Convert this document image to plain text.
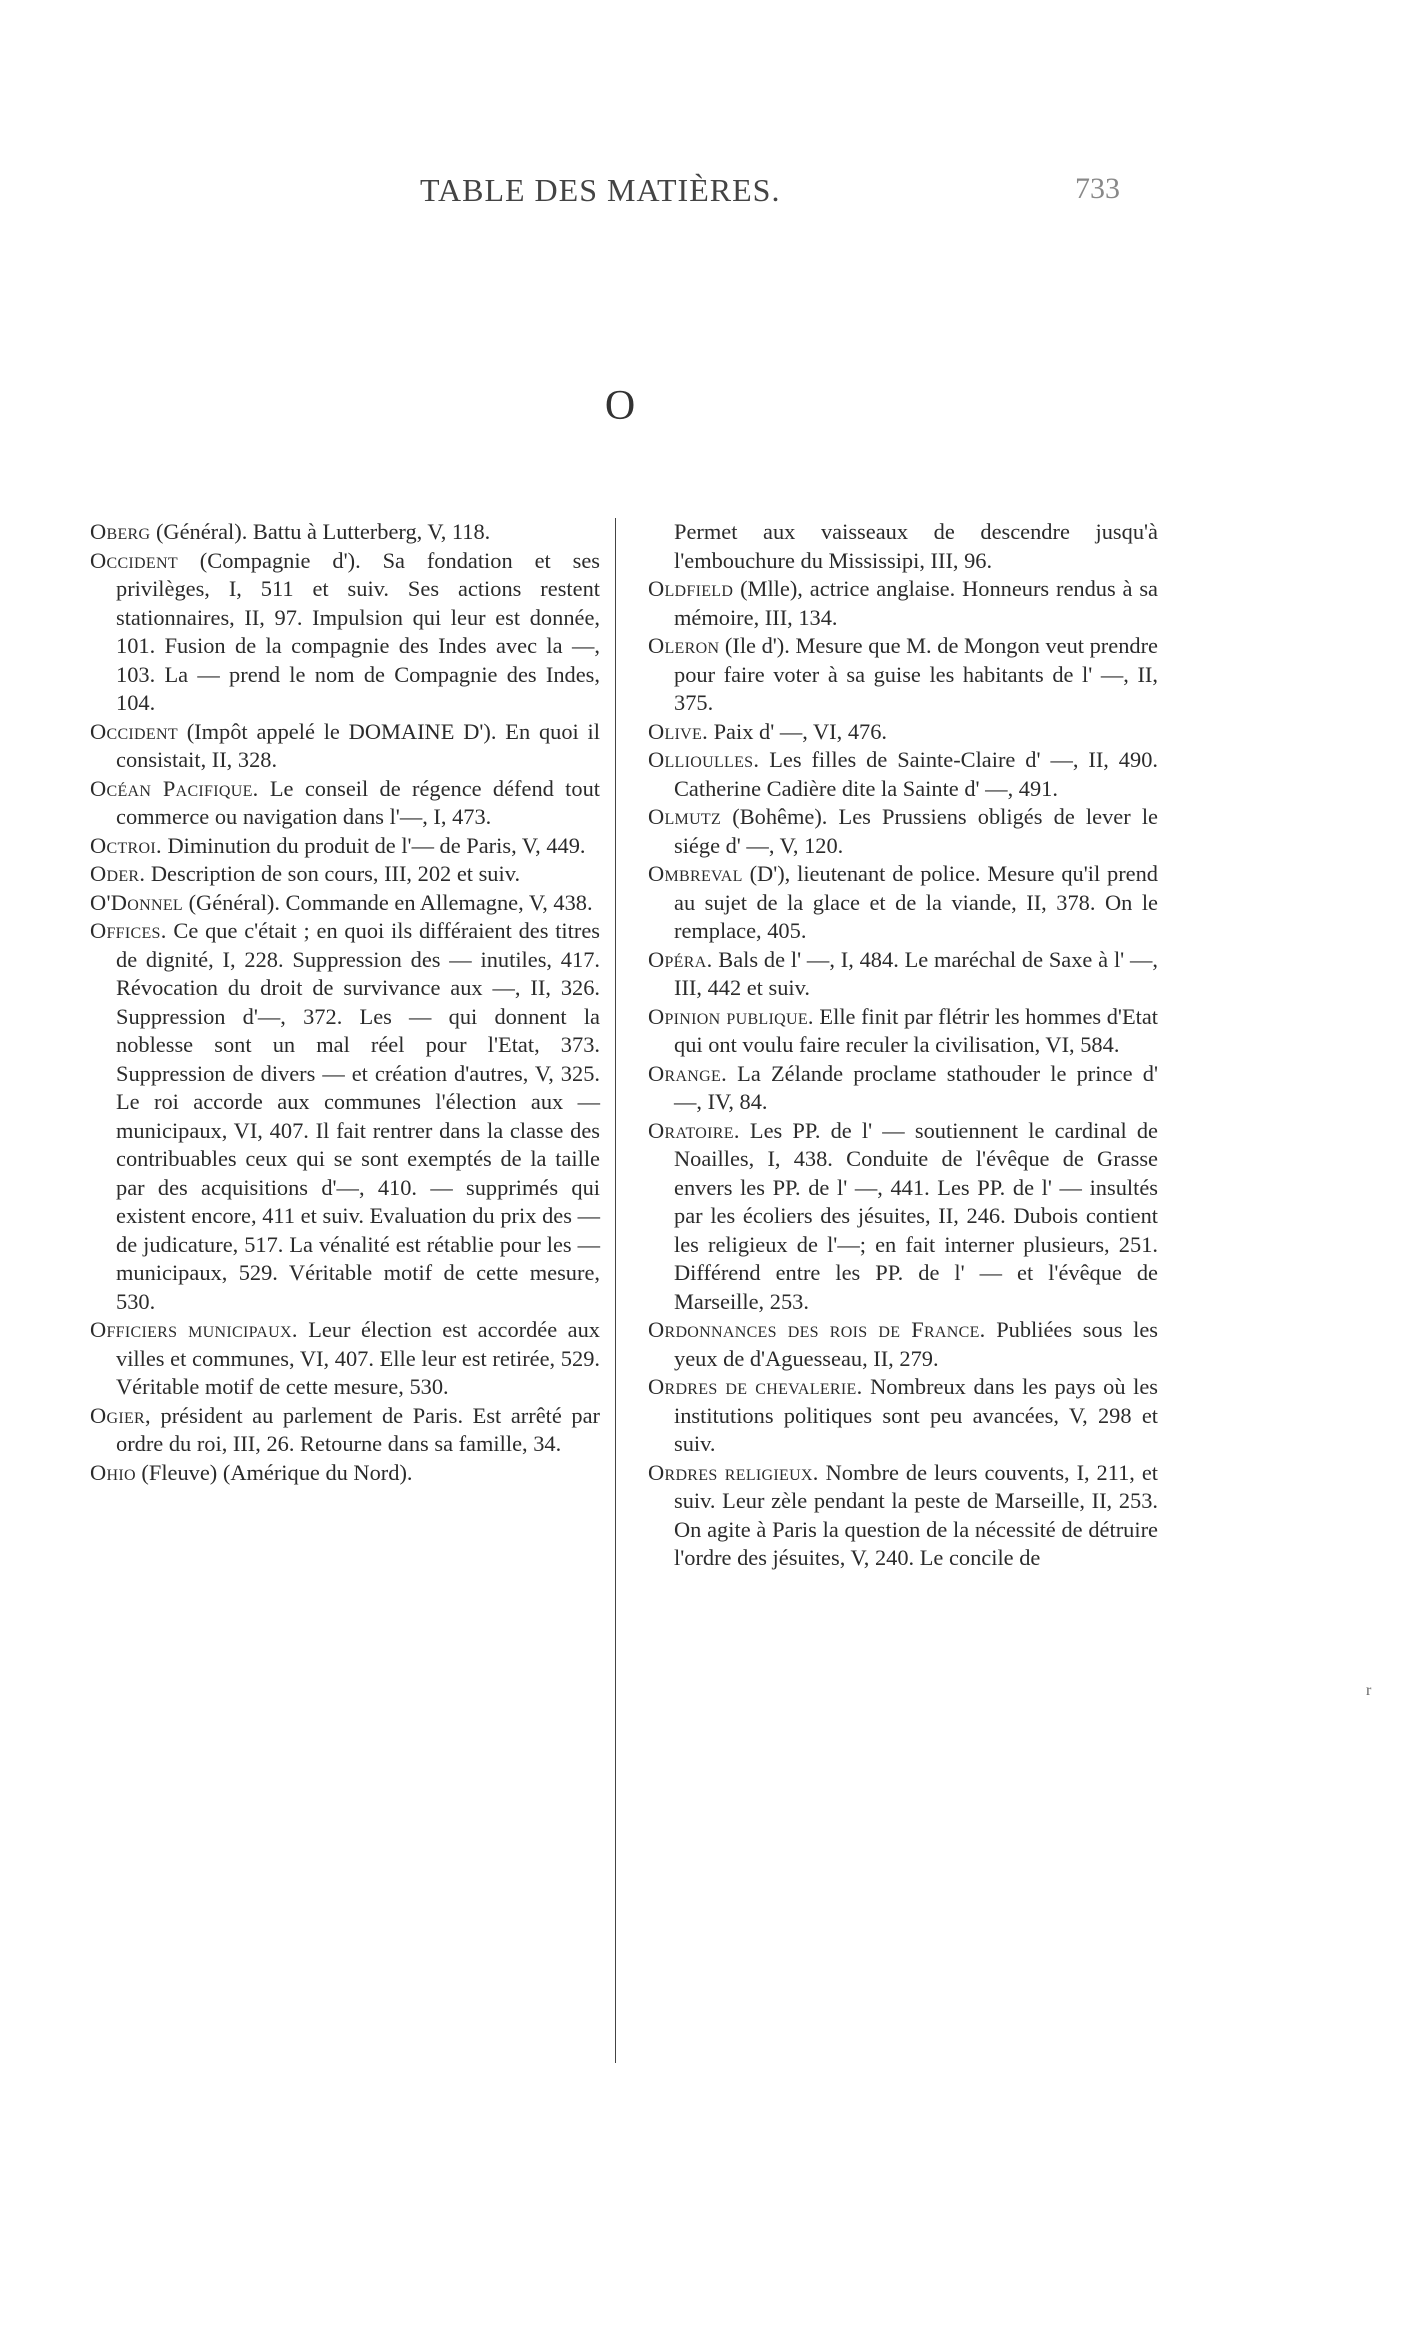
TABLE DES MATIÈRES.	733
O
Oberg (Général). Battu à Lutterberg, V, 118.
Occident (Compagnie d'). Sa fondation et ses privilèges, I, 511 et suiv. Ses actions restent stationnaires, II, 97. Impulsion qui leur est donnée, 101. Fusion de la compagnie des Indes avec la —, 103. La — prend le nom de Compagnie des Indes, 104.
Occident (Impôt appelé le DOMAINE D'). En quoi il consistait, II, 328.
Océan Pacifique. Le conseil de régence défend tout commerce ou navigation dans l'—, I, 473.
Octroi. Diminution du produit de l'— de Paris, V, 449.
Oder. Description de son cours, III, 202 et suiv.
O'Donnel (Général). Commande en Allemagne, V, 438.
Offices. Ce que c'était ; en quoi ils différaient des titres de dignité, I, 228. Suppression des — inutiles, 417. Révocation du droit de survivance aux —, II, 326. Suppression d'—, 372. Les — qui donnent la noblesse sont un mal réel pour l'Etat, 373. Suppression de divers — et création d'autres, V, 325. Le roi accorde aux communes l'élection aux — municipaux, VI, 407. Il fait rentrer dans la classe des contribuables ceux qui se sont exemptés de la taille par des acquisitions d'—, 410. — supprimés qui existent encore, 411 et suiv. Evaluation du prix des — de judicature, 517. La vénalité est rétablie pour les — municipaux, 529. Véritable motif de cette mesure, 530.
Officiers municipaux. Leur élection est accordée aux villes et communes, VI, 407. Elle leur est retirée, 529. Véritable motif de cette mesure, 530.
Ogier, président au parlement de Paris. Est arrêté par ordre du roi, III, 26. Retourne dans sa famille, 34.
Ohio (Fleuve) (Amérique du Nord).
Permet aux vaisseaux de descendre jusqu'à l'embouchure du Mississipi, III, 96.
Oldfield (Mlle), actrice anglaise. Honneurs rendus à sa mémoire, III, 134.
Oleron (Ile d'). Mesure que M. de Mongon veut prendre pour faire voter à sa guise les habitants de l' —, II, 375.
Olive. Paix d' —, VI, 476.
Ollioulles. Les filles de Sainte-Claire d' —, II, 490. Catherine Cadière dite la Sainte d' —, 491.
Olmutz (Bohême). Les Prussiens obligés de lever le siége d' —, V, 120.
Ombreval (D'), lieutenant de police. Mesure qu'il prend au sujet de la glace et de la viande, II, 378. On le remplace, 405.
Opéra. Bals de l' —, I, 484. Le maréchal de Saxe à l' —, III, 442 et suiv.
Opinion publique. Elle finit par flétrir les hommes d'Etat qui ont voulu faire reculer la civilisation, VI, 584.
Orange. La Zélande proclame stathouder le prince d' —, IV, 84.
Oratoire. Les PP. de l' — soutiennent le cardinal de Noailles, I, 438. Conduite de l'évêque de Grasse envers les PP. de l' —, 441. Les PP. de l' — insultés par les écoliers des jésuites, II, 246. Dubois contient les religieux de l'—; en fait interner plusieurs, 251. Différend entre les PP. de l' — et l'évêque de Marseille, 253.
Ordonnances des rois de France. Publiées sous les yeux de d'Aguesseau, II, 279.
Ordres de chevalerie. Nombreux dans les pays où les institutions politiques sont peu avancées, V, 298 et suiv.
Ordres religieux. Nombre de leurs couvents, I, 211, et suiv. Leur zèle pendant la peste de Marseille, II, 253. On agite à Paris la question de la nécessité de détruire l'ordre des jésuites, V, 240. Le concile de
r
